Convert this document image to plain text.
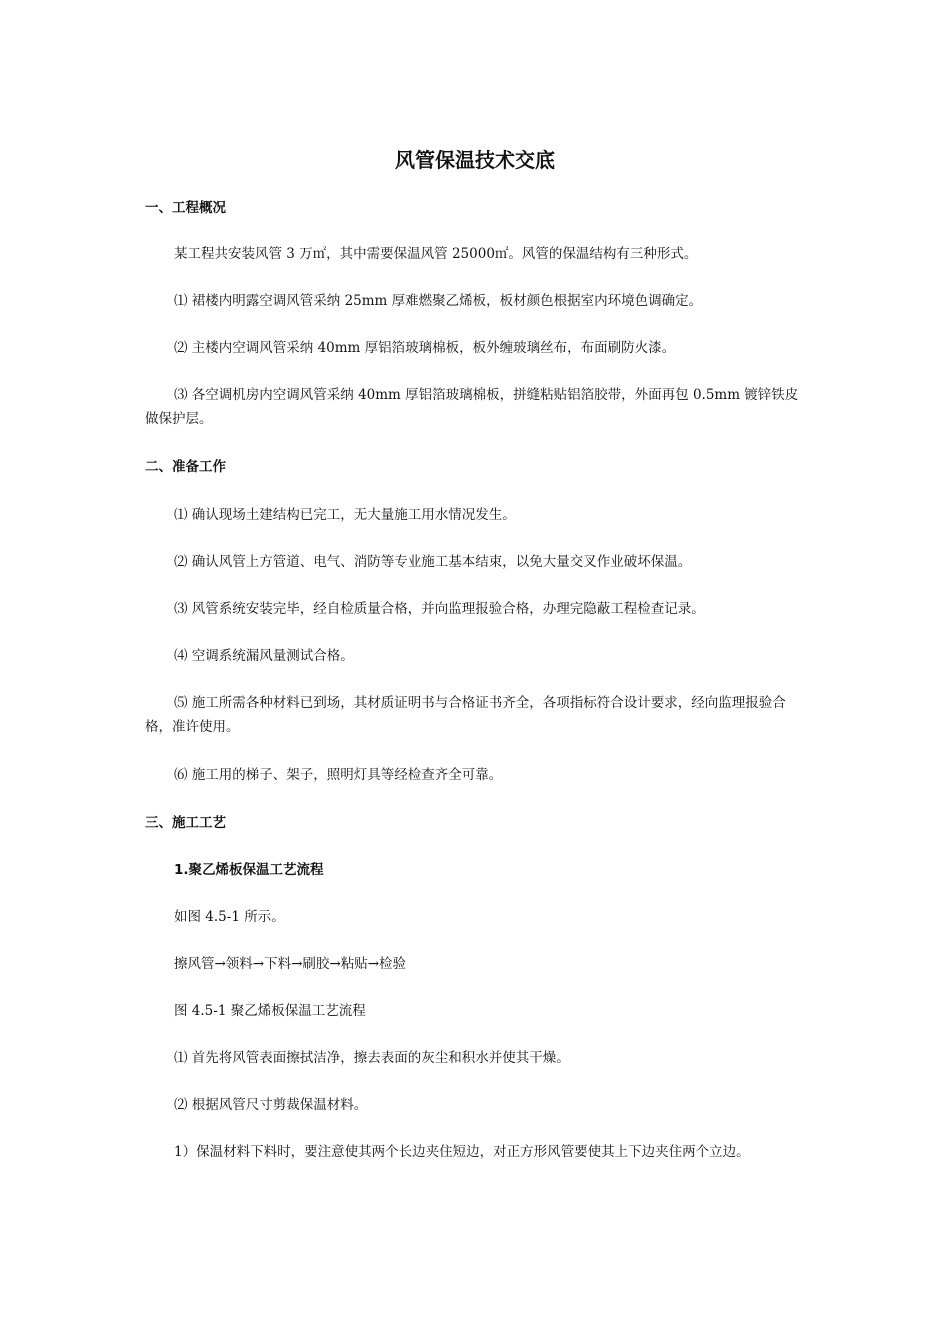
风管保温技术交底
一、工程概况
某工程共安装风管 3 万㎡，其中需要保温风管 25000㎡。风管的保温结构有三种形式。
⑴ 裙楼内明露空调风管采纳 25mm 厚难燃聚乙烯板，板材颜色根据室内环境色调确定。
⑵ 主楼内空调风管采纳 40mm 厚铝箔玻璃棉板，板外缠玻璃丝布，布面刷防火漆。
⑶ 各空调机房内空调风管采纳 40mm 厚铝箔玻璃棉板，拼缝粘贴铝箔胶带，外面再包 0.5mm 镀锌铁皮做保护层。
二、准备工作
⑴ 确认现场土建结构已完工，无大量施工用水情况发生。
⑵ 确认风管上方管道、电气、消防等专业施工基本结束，以免大量交叉作业破坏保温。
⑶ 风管系统安装完毕，经自检质量合格，并向监理报验合格，办理完隐蔽工程检查记录。
⑷ 空调系统漏风量测试合格。
⑸ 施工所需各种材料已到场，其材质证明书与合格证书齐全，各项指标符合设计要求，经向监理报验合格，准许使用。
⑹ 施工用的梯子、架子，照明灯具等经检查齐全可靠。
三、施工工艺
1.聚乙烯板保温工艺流程
如图 4.5-1 所示。
擦风管→领料→下料→刷胶→粘贴→检验
图 4.5-1 聚乙烯板保温工艺流程
⑴ 首先将风管表面擦拭洁净，擦去表面的灰尘和积水并使其干燥。
⑵ 根据风管尺寸剪裁保温材料。
1）保温材料下料时，要注意使其两个长边夹住短边，对正方形风管要使其上下边夹住两个立边。
